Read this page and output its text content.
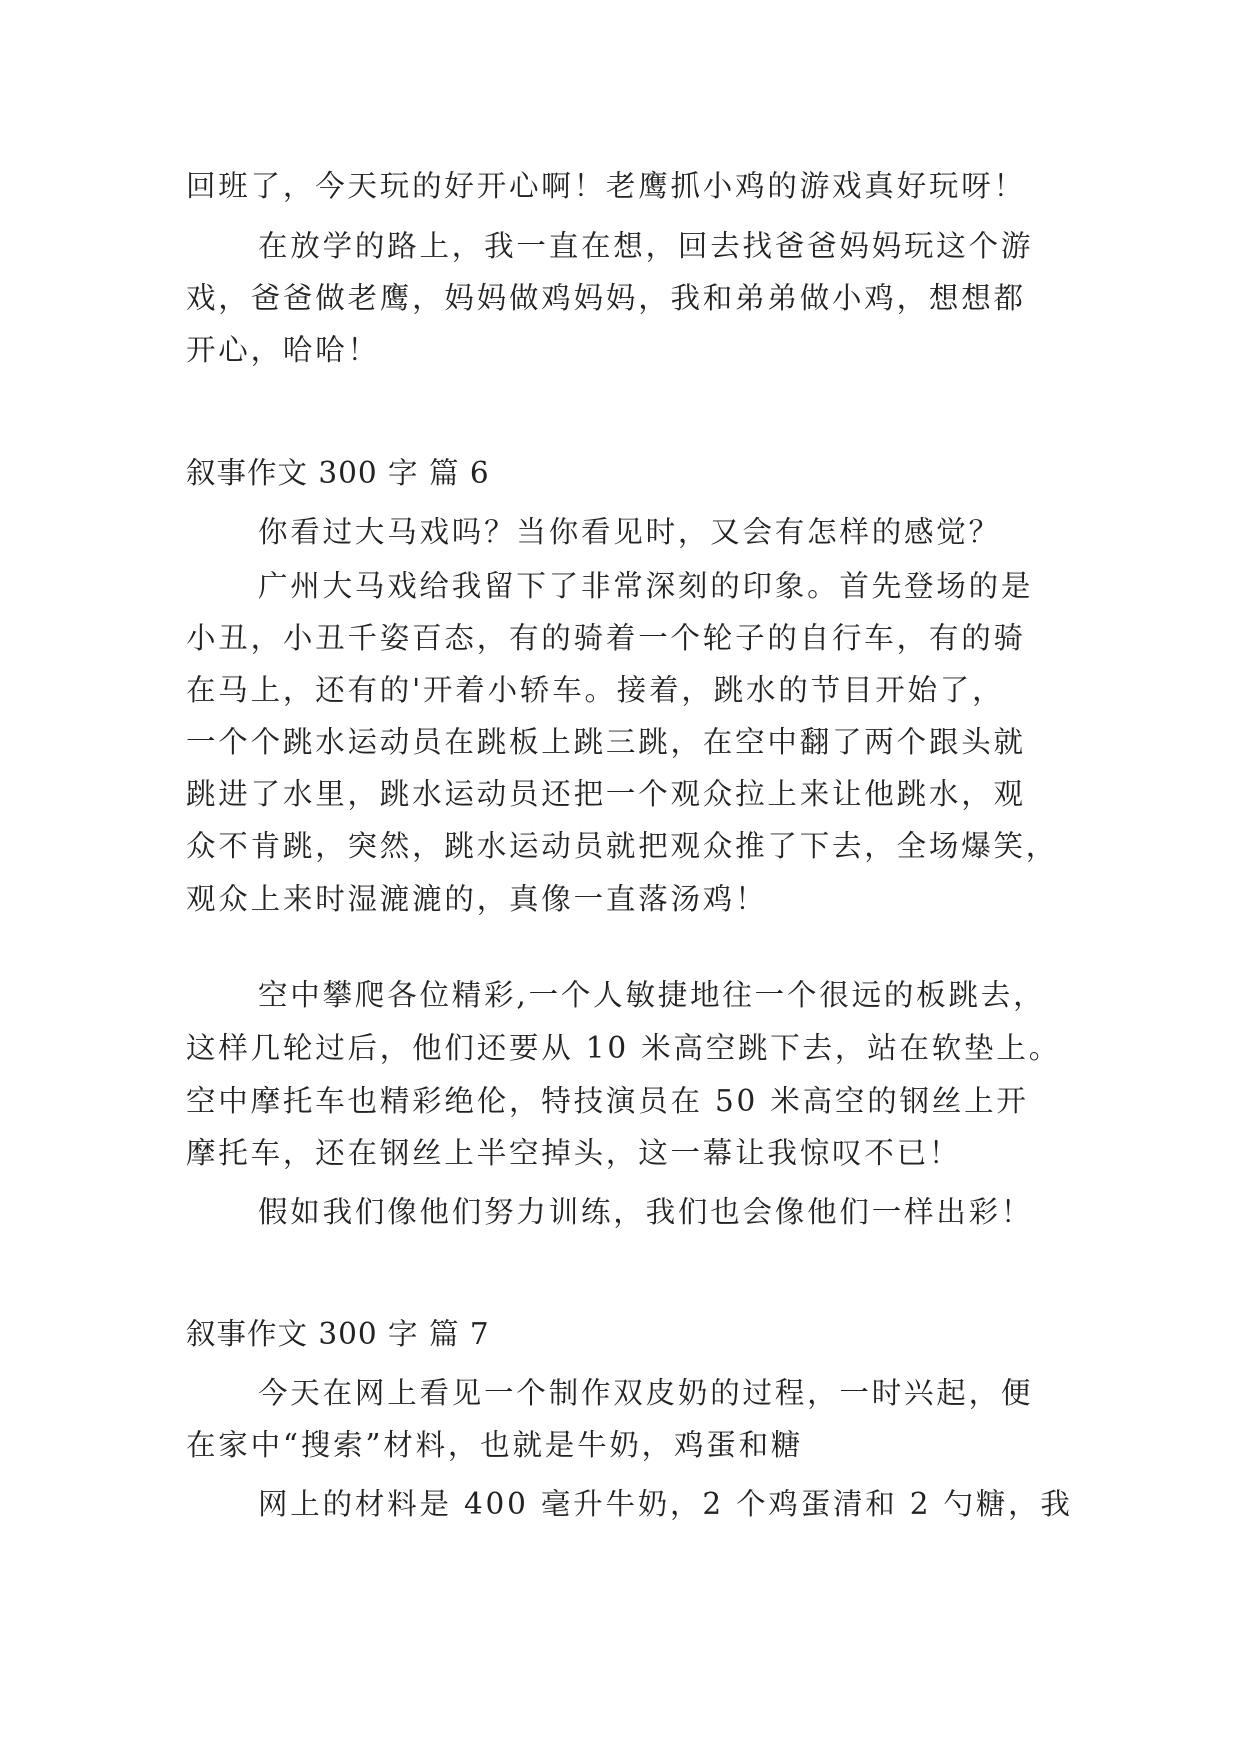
回班了，今天玩的好开心啊！老鹰抓小鸡的游戏真好玩呀！
在放学的路上，我一直在想，回去找爸爸妈妈玩这个游
戏，爸爸做老鹰，妈妈做鸡妈妈，我和弟弟做小鸡，想想都
开心，哈哈！
叙事作文 300 字 篇 6
你看过大马戏吗？当你看见时，又会有怎样的感觉？
广州大马戏给我留下了非常深刻的印象。首先登场的是
小丑，小丑千姿百态，有的骑着一个轮子的自行车，有的骑
在马上，还有的'开着小轿车。接着，跳水的节目开始了，
一个个跳水运动员在跳板上跳三跳，在空中翻了两个跟头就
跳进了水里，跳水运动员还把一个观众拉上来让他跳水，观
众不肯跳，突然，跳水运动员就把观众推了下去，全场爆笑，
观众上来时湿漉漉的，真像一直落汤鸡！
空中攀爬各位精彩,一个人敏捷地往一个很远的板跳去，
这样几轮过后，他们还要从 10 米高空跳下去，站在软垫上。
空中摩托车也精彩绝伦，特技演员在 50 米高空的钢丝上开
摩托车，还在钢丝上半空掉头，这一幕让我惊叹不已！
假如我们像他们努力训练，我们也会像他们一样出彩！
叙事作文 300 字 篇 7
今天在网上看见一个制作双皮奶的过程，一时兴起，便
在家中“搜索”材料，也就是牛奶，鸡蛋和糖
网上的材料是 400 毫升牛奶，2 个鸡蛋清和 2 勺糖，我
